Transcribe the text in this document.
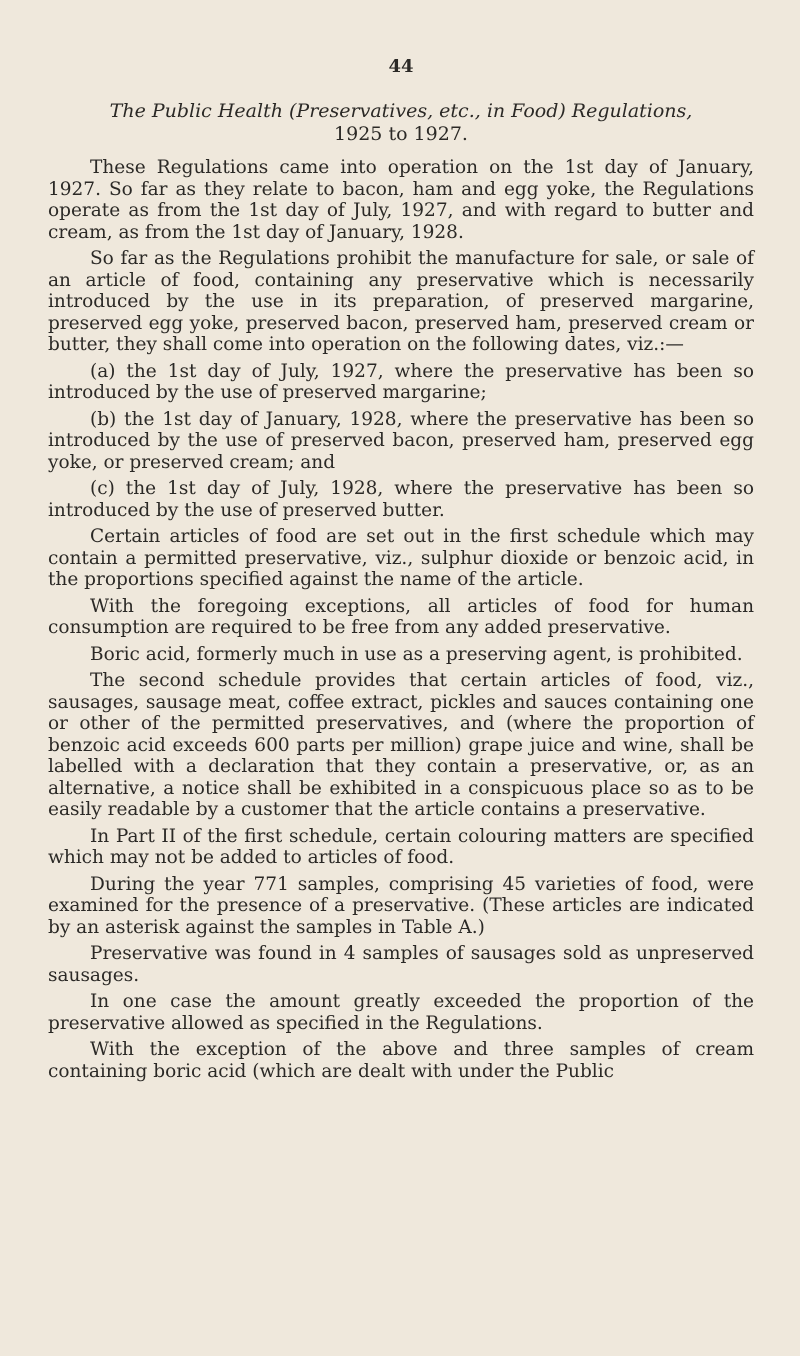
44
The Public Health (Preservatives, etc., in Food) Regulations,
1925 to 1927.

These Regulations came into operation on the 1st day of January, 1927. So far as they relate to bacon, ham and egg yoke, the Regulations operate as from the 1st day of July, 1927, and with regard to butter and cream, as from the 1st day of January, 1928.

So far as the Regulations prohibit the manufacture for sale, or sale of an article of food, containing any preservative which is necessarily introduced by the use in its preparation, of preserved margarine, preserved egg yoke, preserved bacon, preserved ham, preserved cream or butter, they shall come into operation on the following dates, viz.:—

(a) the 1st day of July, 1927, where the preservative has been so introduced by the use of preserved margarine;

(b) the 1st day of January, 1928, where the preservative has been so introduced by the use of preserved bacon, preserved ham, preserved egg yoke, or preserved cream; and

(c) the 1st day of July, 1928, where the preservative has been so introduced by the use of preserved butter.

Certain articles of food are set out in the first schedule which may contain a permitted preservative, viz., sulphur dioxide or benzoic acid, in the proportions specified against the name of the article.

With the foregoing exceptions, all articles of food for human consumption are required to be free from any added preservative.

Boric acid, formerly much in use as a preserving agent, is prohibited.

The second schedule provides that certain articles of food, viz., sausages, sausage meat, coffee extract, pickles and sauces containing one or other of the permitted preservatives, and (where the proportion of benzoic acid exceeds 600 parts per million) grape juice and wine, shall be labelled with a declaration that they contain a preservative, or, as an alternative, a notice shall be exhibited in a conspicuous place so as to be easily readable by a customer that the article contains a preservative.

In Part II of the first schedule, certain colouring matters are specified which may not be added to articles of food.

During the year 771 samples, comprising 45 varieties of food, were examined for the presence of a preservative. (These articles are indicated by an asterisk against the samples in Table A.)

Preservative was found in 4 samples of sausages sold as unpreserved sausages.

In one case the amount greatly exceeded the proportion of the preservative allowed as specified in the Regulations.

With the exception of the above and three samples of cream containing boric acid (which are dealt with under the Public
